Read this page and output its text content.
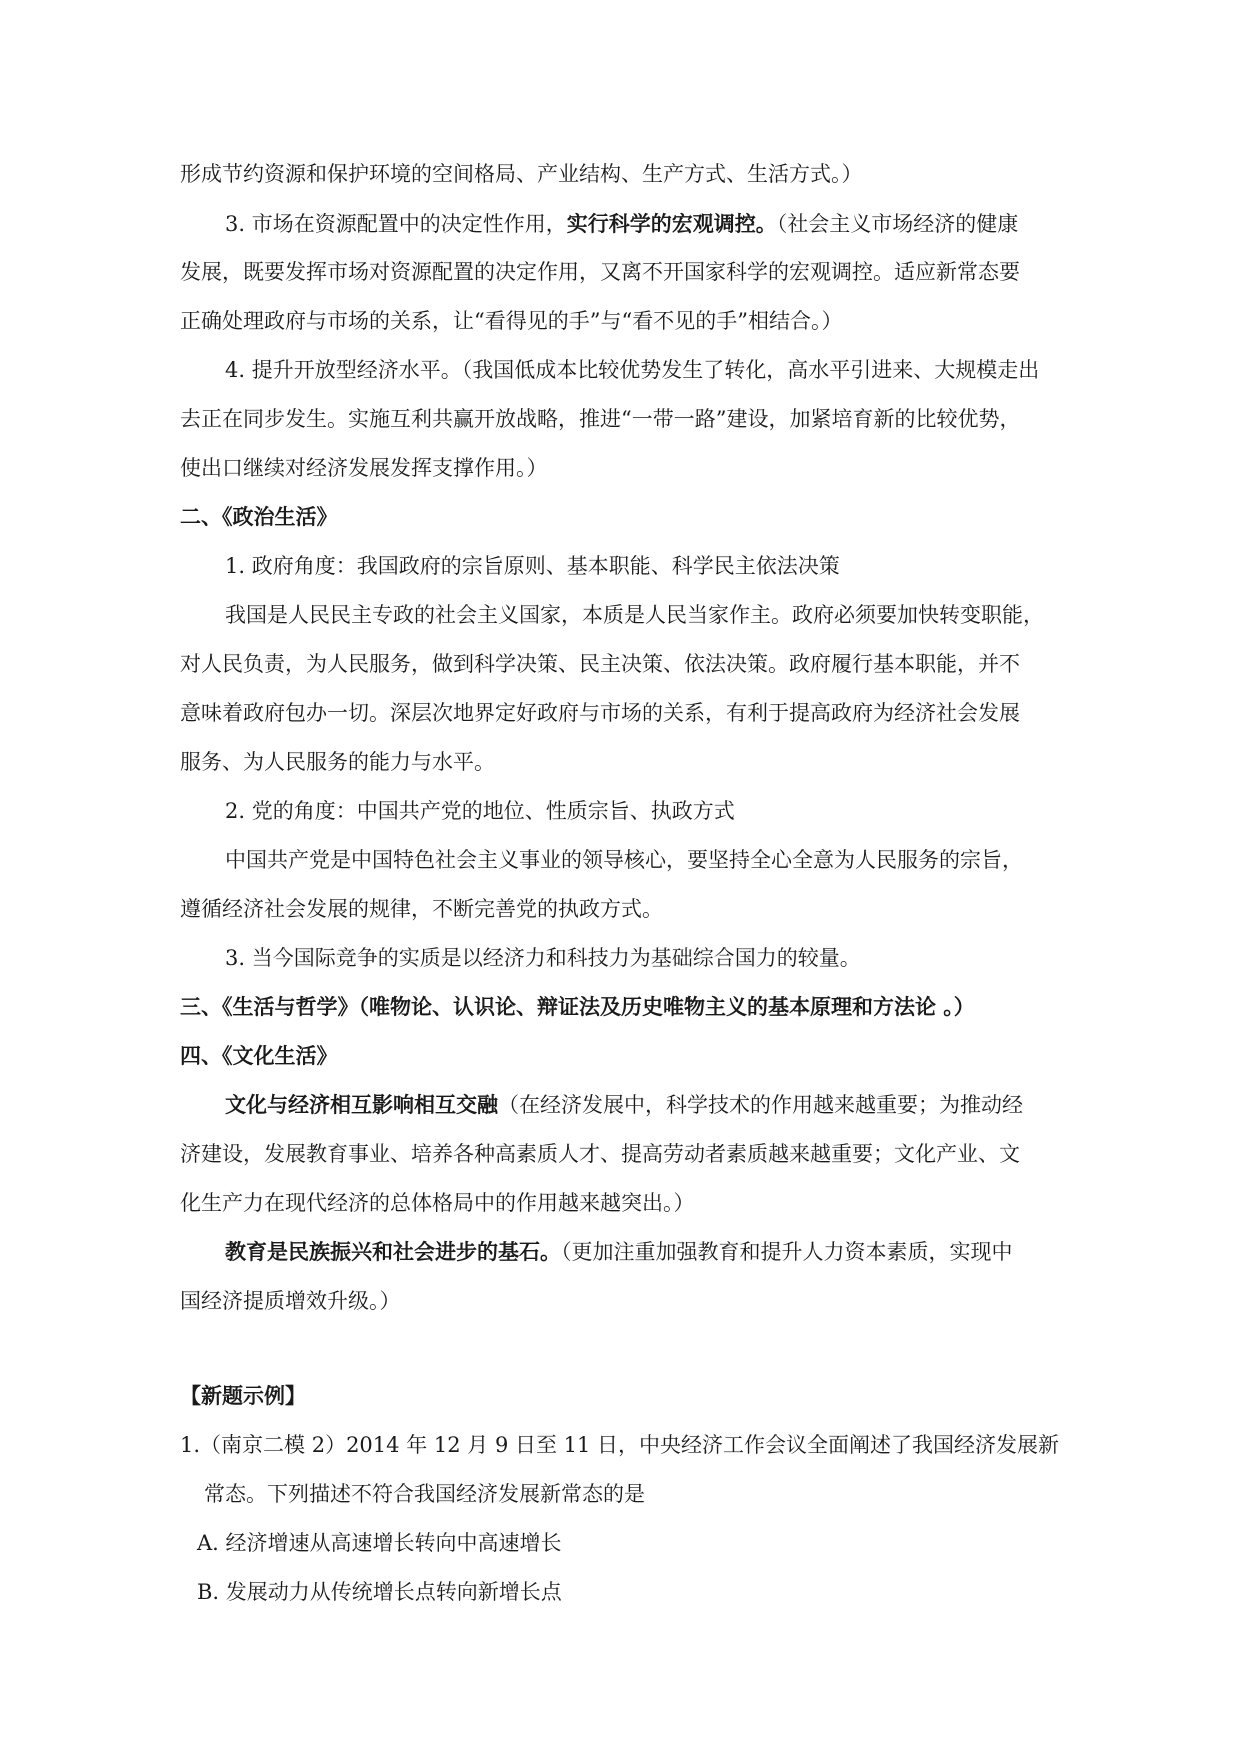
形成节约资源和保护环境的空间格局、产业结构、生产方式、生活方式。）
3. 市场在资源配置中的决定性作用，实行科学的宏观调控。（社会主义市场经济的健康
发展，既要发挥市场对资源配置的决定作用，又离不开国家科学的宏观调控。适应新常态要
正确处理政府与市场的关系，让“看得见的手”与“看不见的手”相结合。）
4. 提升开放型经济水平。（我国低成本比较优势发生了转化，高水平引进来、大规模走出
去正在同步发生。实施互利共赢开放战略，推进“一带一路”建设，加紧培育新的比较优势，
使出口继续对经济发展发挥支撑作用。）
二、《政治生活》
1. 政府角度：我国政府的宗旨原则、基本职能、科学民主依法决策
我国是人民民主专政的社会主义国家，本质是人民当家作主。政府必须要加快转变职能，
对人民负责，为人民服务，做到科学决策、民主决策、依法决策。政府履行基本职能，并不
意味着政府包办一切。深层次地界定好政府与市场的关系，有利于提高政府为经济社会发展
服务、为人民服务的能力与水平。
2. 党的角度：中国共产党的地位、性质宗旨、执政方式
中国共产党是中国特色社会主义事业的领导核心，要坚持全心全意为人民服务的宗旨，
遵循经济社会发展的规律，不断完善党的执政方式。
3. 当今国际竞争的实质是以经济力和科技力为基础综合国力的较量。
三、《生活与哲学》（唯物论、认识论、辩证法及历史唯物主义的基本原理和方法论 。）
四、《文化生活》
文化与经济相互影响相互交融（在经济发展中，科学技术的作用越来越重要；为推动经
济建设，发展教育事业、培养各种高素质人才、提高劳动者素质越来越重要；文化产业、文
化生产力在现代经济的总体格局中的作用越来越突出。）
教育是民族振兴和社会进步的基石。（更加注重加强教育和提升人力资本素质，实现中
国经济提质增效升级。）
【新题示例】
1.（南京二模 2）2014 年 12 月 9 日至 11 日，中央经济工作会议全面阐述了我国经济发展新
常态。下列描述不符合我国经济发展新常态的是
A. 经济增速从高速增长转向中高速增长
B. 发展动力从传统增长点转向新增长点
